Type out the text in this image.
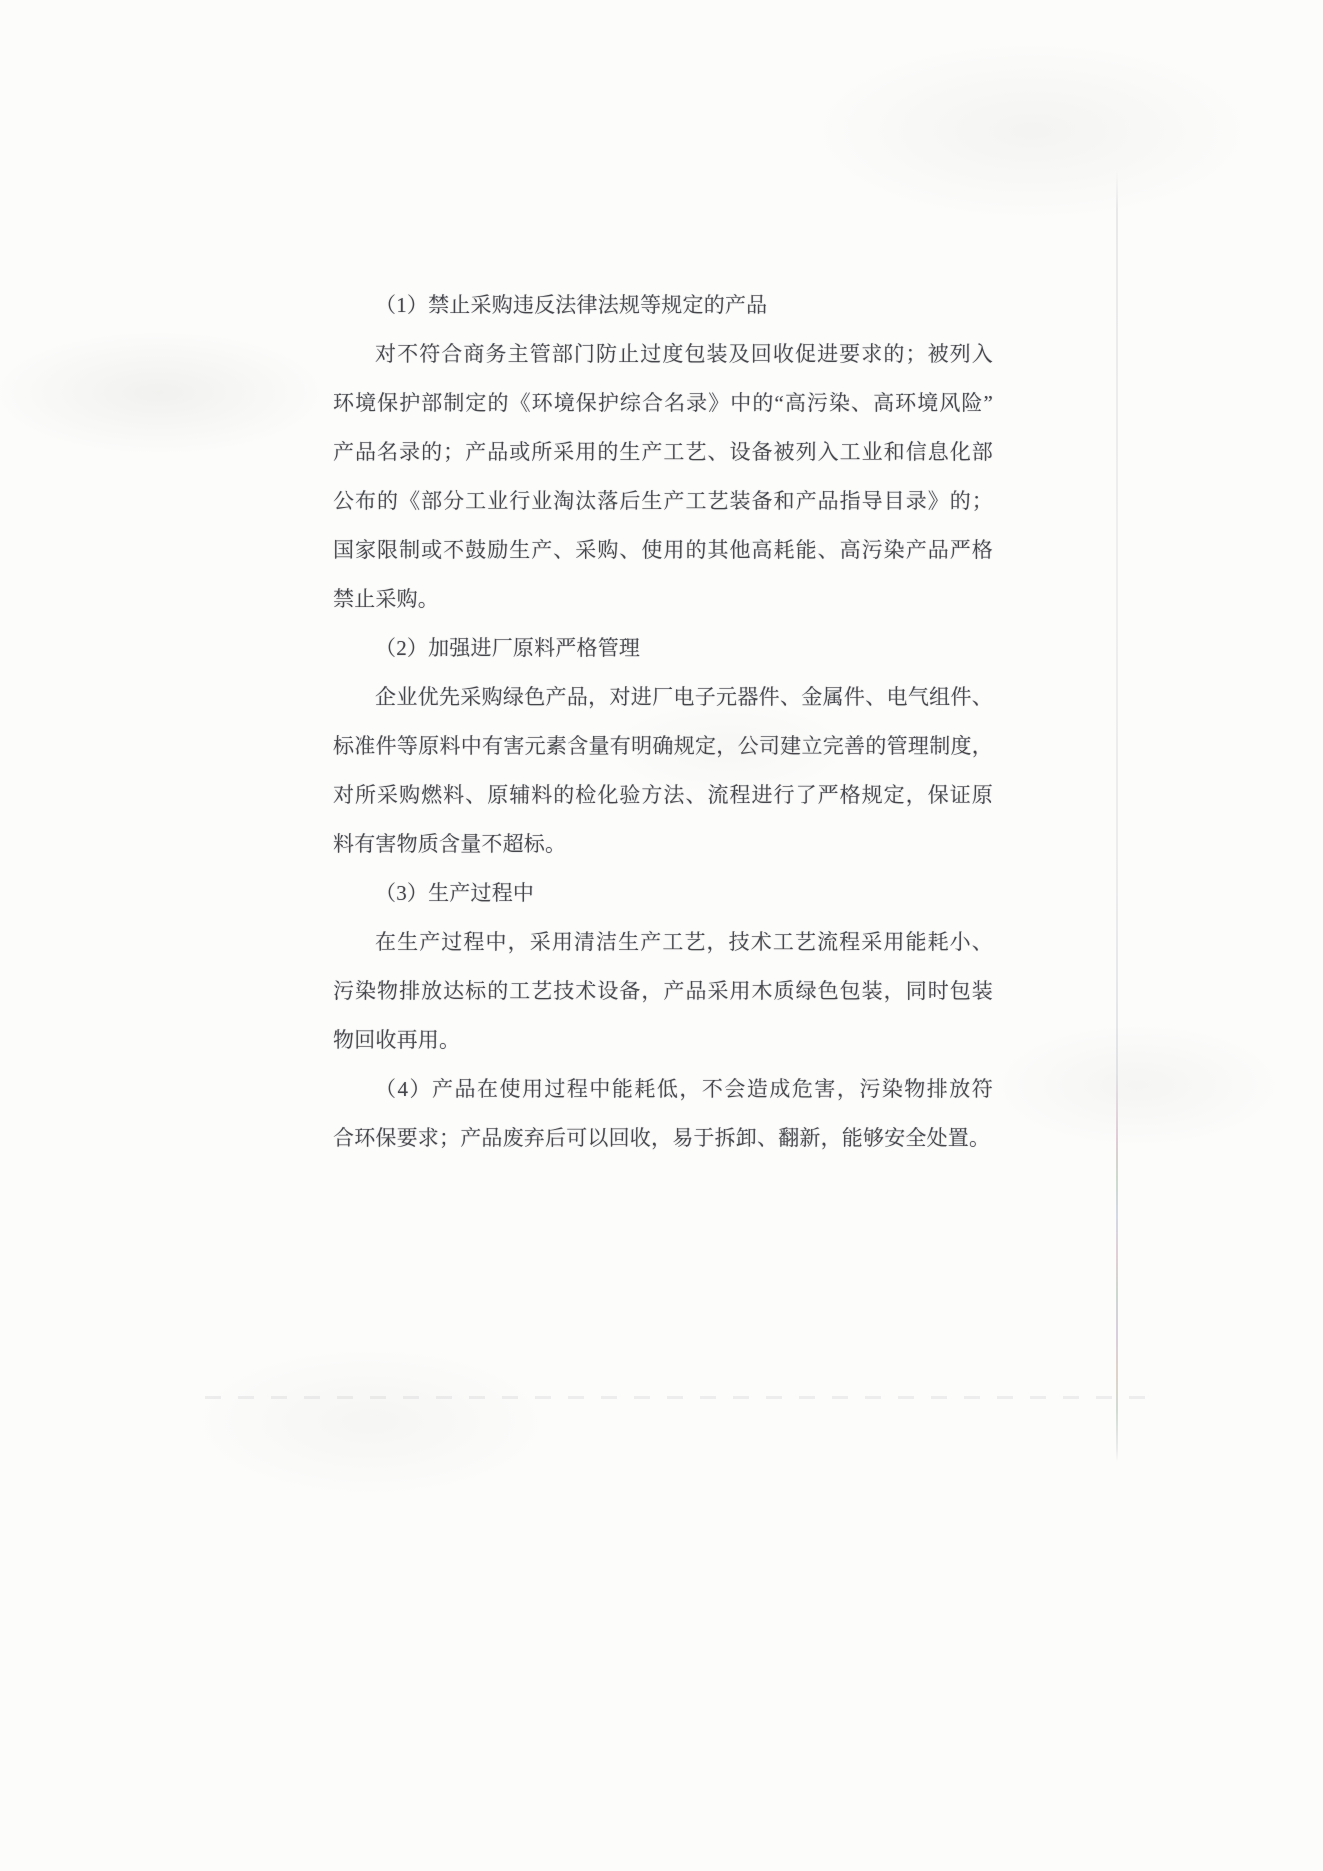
（1）禁止采购违反法律法规等规定的产品
对不符合商务主管部门防止过度包装及回收促进要求的；被列入
环境保护部制定的《环境保护综合名录》中的“高污染、高环境风险”
产品名录的；产品或所采用的生产工艺、设备被列入工业和信息化部
公布的《部分工业行业淘汰落后生产工艺装备和产品指导目录》的；
国家限制或不鼓励生产、采购、使用的其他高耗能、高污染产品严格
禁止采购。
（2）加强进厂原料严格管理
企业优先采购绿色产品，对进厂电子元器件、金属件、电气组件、
标准件等原料中有害元素含量有明确规定，公司建立完善的管理制度，
对所采购燃料、原辅料的检化验方法、流程进行了严格规定，保证原
料有害物质含量不超标。
（3）生产过程中
在生产过程中，采用清洁生产工艺，技术工艺流程采用能耗小、
污染物排放达标的工艺技术设备，产品采用木质绿色包装，同时包装
物回收再用。
（4）产品在使用过程中能耗低，不会造成危害，污染物排放符
合环保要求；产品废弃后可以回收，易于拆卸、翻新，能够安全处置。
